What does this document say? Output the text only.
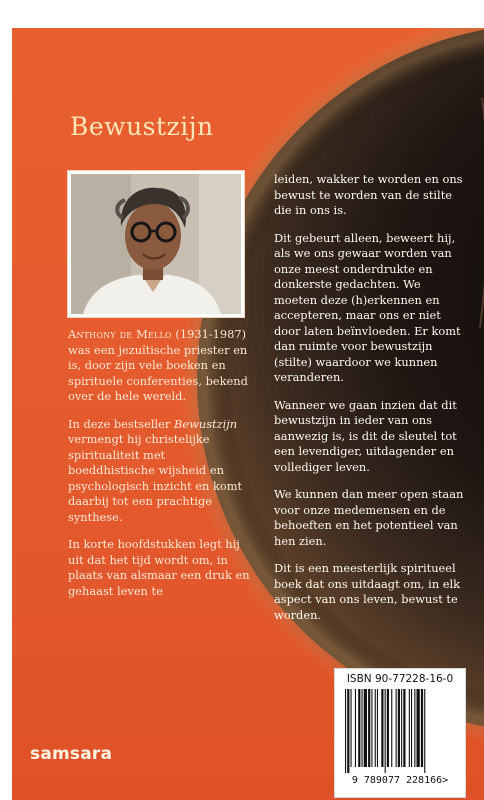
Bewustzijn

Anthony de Mello (1931-1987) was een jezuïtische priester en is, door zijn vele boeken en spirituele conferenties, bekend over de hele wereld.

In deze bestseller Bewustzijn vermengt hij christelijke spiritualiteit met boeddhistische wijsheid en psychologisch inzicht en komt daarbij tot een prachtige synthese.

In korte hoofdstukken legt hij uit dat het tijd wordt om, in plaats van alsmaar een druk en gehaast leven te

leiden, wakker te worden en ons bewust te worden van de stilte die in ons is.

Dit gebeurt alleen, beweert hij, als we ons gewaar worden van onze meest onderdrukte en donkerste gedachten. We moeten deze (h)erkennen en accepteren, maar ons er niet door laten beïnvloeden. Er komt dan ruimte voor bewustzijn (stilte) waardoor we kunnen veranderen.

Wanneer we gaan inzien dat dit bewustzijn in ieder van ons aanwezig is, is dit de sleutel tot een levendiger, uitdagender en vollediger leven.

We kunnen dan meer open staan voor onze medemensen en de behoeften en het potentieel van hen zien.

Dit is een meesterlijk spiritueel boek dat ons uitdaagt om, in elk aspect van ons leven, bewust te worden.

samsara

ISBN 90-77228-16-0
9 789077 228166>
